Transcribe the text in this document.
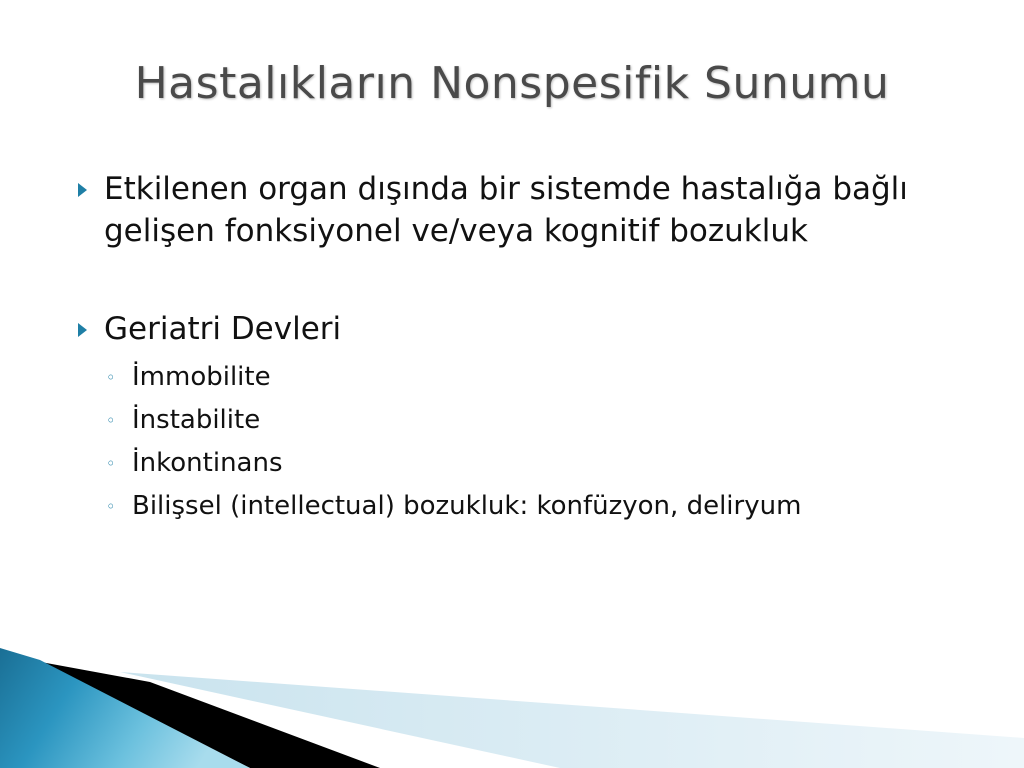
Hastalıkların Nonspesifik Sunumu

Etkilenen organ dışında bir sistemde hastalığa bağlı gelişen fonksiyonel ve/veya kognitif bozukluk

Geriatri Devleri

◦ İmmobilite
◦ İnstabilite
◦ İnkontinans
◦ Bilişsel (intellectual) bozukluk: konfüzyon, deliryum
